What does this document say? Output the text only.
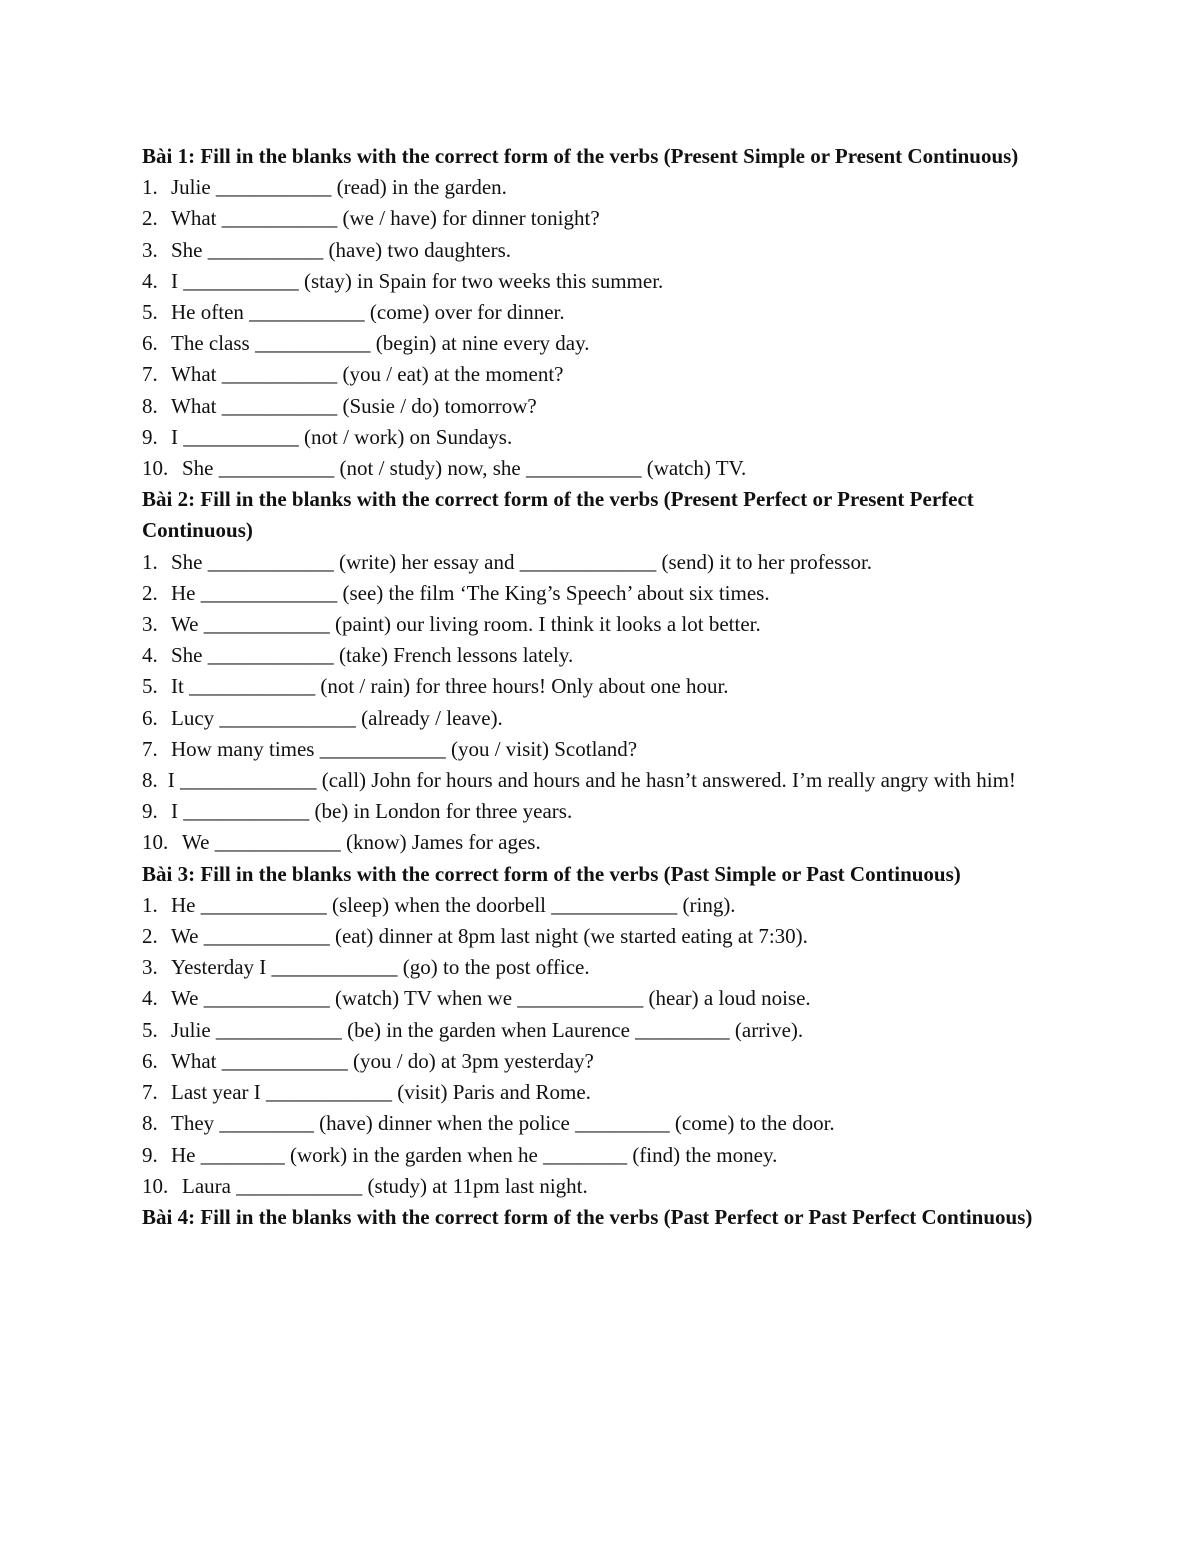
Bài 1: Fill in the blanks with the correct form of the verbs (Present Simple or Present Continuous)
1. Julie ___________ (read) in the garden.
2. What ___________ (we / have) for dinner tonight?
3. She ___________ (have) two daughters.
4. I ___________ (stay) in Spain for two weeks this summer.
5. He often ___________ (come) over for dinner.
6. The class ___________ (begin) at nine every day.
7. What ___________ (you / eat) at the moment?
8. What ___________ (Susie / do) tomorrow?
9. I ___________ (not / work) on Sundays.
10. She ___________ (not / study) now, she ___________ (watch) TV.
Bài 2: Fill in the blanks with the correct form of the verbs (Present Perfect or Present Perfect Continuous)
1. She ____________ (write) her essay and _____________ (send) it to her professor.
2. He _____________ (see) the film ‘The King’s Speech’ about six times.
3. We ____________ (paint) our living room. I think it looks a lot better.
4. She ____________ (take) French lessons lately.
5. It ____________ (not / rain) for three hours! Only about one hour.
6. Lucy _____________ (already / leave).
7. How many times ____________ (you / visit) Scotland?
8. I _____________ (call) John for hours and hours and he hasn’t answered. I’m really angry with him!
9. I ____________ (be) in London for three years.
10. We ____________ (know) James for ages.
Bài 3: Fill in the blanks with the correct form of the verbs (Past Simple or Past Continuous)
1. He ____________ (sleep) when the doorbell ____________ (ring).
2. We ____________ (eat) dinner at 8pm last night (we started eating at 7:30).
3. Yesterday I ____________ (go) to the post office.
4. We ____________ (watch) TV when we ____________ (hear) a loud noise.
5. Julie ____________ (be) in the garden when Laurence _________ (arrive).
6. What ____________ (you / do) at 3pm yesterday?
7. Last year I ____________ (visit) Paris and Rome.
8. They _________ (have) dinner when the police _________ (come) to the door.
9. He ________ (work) in the garden when he ________ (find) the money.
10. Laura ____________ (study) at 11pm last night.
Bài 4: Fill in the blanks with the correct form of the verbs (Past Perfect or Past Perfect Continuous)
